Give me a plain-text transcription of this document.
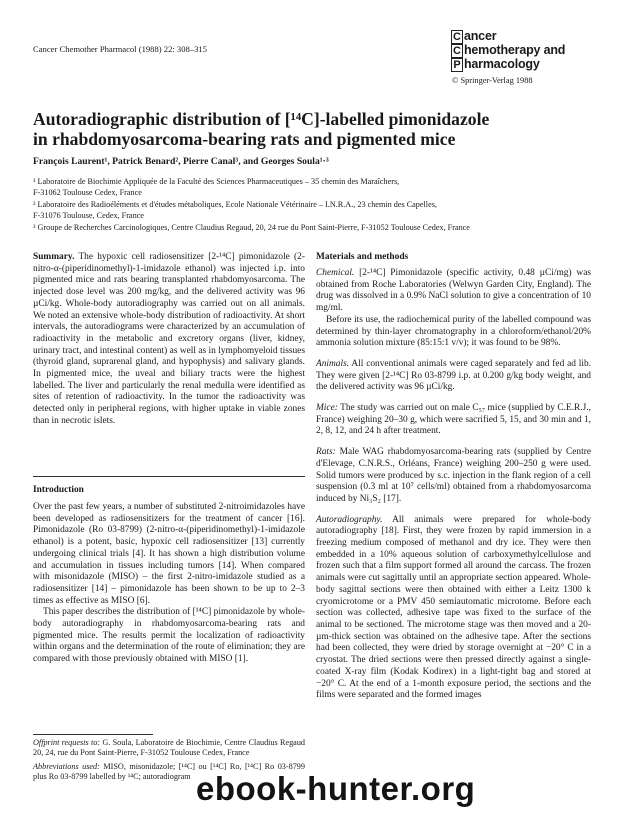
Cancer Chemother Pharmacol (1988) 22: 308–315
C ancer
C hemotherapy and
P harmacology
© Springer-Verlag 1988
Autoradiographic distribution of [¹⁴C]-labelled pimonidazole
in rhabdomyosarcoma-bearing rats and pigmented mice
François Laurent¹, Patrick Benard², Pierre Canal³, and Georges Soula¹·³
¹ Laboratoire de Biochimie Appliquée de la Faculté des Sciences Pharmaceutiques – 35 chemin des Maraîchers,
F-31062 Toulouse Cedex, France
² Laboratoire des Radioéléments et d'études métaboliques, Ecole Nationale Vétérinaire – I.N.R.A., 23 chemin des Capelles,
F-31076 Toulouse, Cedex, France
³ Groupe de Recherches Carcinologiques, Centre Claudius Regaud, 20, 24 rue du Pont Saint-Pierre, F-31052 Toulouse Cedex, France

Summary. The hypoxic cell radiosensitizer [2-¹⁴C] pimonidazole (2-nitro-α-(piperidinomethyl)-1-imidazole ethanol) was injected i.p. into pigmented mice and rats bearing transplanted rhabdomyosarcoma. The injected dose level was 200 mg/kg, and the delivered activity was 96 µCi/kg. Whole-body autoradiography was carried out on all animals. We noted an extensive whole-body distribution of radioactivity. At short intervals, the autoradiograms were characterized by an accumulation of radioactivity in the metabolic and excretory organs (liver, kidney, urinary tract, and intestinal content) as well as in lymphomyeloid tissues (thyroid gland, suprarenal gland, and hypophysis) and salivary glands. In pigmented mice, the uveal and biliary tracts were the highest labelled. The liver and particularly the renal medulla were identified as sites of retention of radioactivity. In the tumor the radioactivity was detected only in peripheral regions, with higher uptake in viable zones than in necrotic islets.

Introduction

Over the past few years, a number of substituted 2-nitroimidazoles have been developed as radiosensitizers for the treatment of cancer [16]. Pimonidazole (Ro 03-8799) (2-nitro-α-(piperidinomethyl)-1-imidazole ethanol) is a potent, basic, hypoxic cell radiosensitizer [13] currently undergoing clinical trials [4]. It has shown a high distribution volume and accumulation in tissues including tumors [14]. When compared with misonidazole (MISO) – the first 2-nitro-imidazole studied as a radiosensitizer [14] – pimonidazole has been shown to be up to 2–3 times as effective as MISO [6].

This paper describes the distribution of [¹⁴C] pimonidazole by whole-body autoradiography in rhabdomyosarcoma-bearing rats and pigmented mice. The results permit the localization of radioactivity within organs and the determination of the route of elimination; they are compared with those previously obtained with MISO [1].

Offprint requests to: G. Soula, Laboratoire de Biochimie, Centre Claudius Regaud 20, 24, rue du Pont Saint-Pierre, F-31052 Toulouse Cedex, France
Abbreviations used: MISO, misonidazole; [¹⁴C] ou [¹⁴C] Ro, [¹⁴C] Ro 03-8799 plus Ro 03-8799 labelled by ¹⁴C; autoradiogram
Materials and methods

Chemical. [2-¹⁴C] Pimonidazole (specific activity, 0.48 µCi/mg) was obtained from Roche Laboratories (Welwyn Garden City, England). The drug was dissolved in a 0.9% NaCl solution to give a concentration of 10 mg/ml.

Before its use, the radiochemical purity of the labelled compound was determined by thin-layer chromatography in a chloroform/ethanol/20% ammonia solution mixture (85:15:1 v/v); it was found to be 98%.

Animals. All conventional animals were caged separately and fed ad lib. They were given [2-¹⁴C] Ro 03-8799 i.p. at 0.200 g/kg body weight, and the delivered activity was 96 µCi/kg.

Mice: The study was carried out on male C₅₇ mice (supplied by C.E.R.J., France) weighing 20–30 g, which were sacrified 5, 15, and 30 min and 1, 2, 8, 12, and 24 h after treatment.

Rats: Male WAG rhabdomyosarcoma-bearing rats (supplied by Centre d'Elevage, C.N.R.S., Orléans, France) weighing 200–250 g were used. Solid tumors were produced by s.c. injection in the flank region of a cell suspension (0.3 ml at 10⁷ cells/ml) obtained from a rhabdomyosarcoma induced by Ni₃S₂ [17].

Autoradiography. All animals were prepared for whole-body autoradiography [18]. First, they were frozen by rapid immersion in a freezing medium composed of methanol and dry ice. They were then embedded in a 10% aqueous solution of carboxymethylcellulose and frozen such that a film support formed all around the carcass. The frozen animals were cut sagittally until an appropriate section appeared. Whole-body sagittal sections were then obtained with either a Leitz 1300 k cryomicrotome or a PMV 450 semiautomatic microtome. Before each section was collected, adhesive tape was fixed to the surface of the animal to be sectioned. The microtome stage was then moved and a 20-µm-thick section was obtained on the adhesive tape. After the sections had been collected, they were dried by storage overnight at −20° C in a cryostat. The dried sections were then pressed directly against a single-coated X-ray film (Kodak Kodirex) in a light-tight bag and stored at −20° C. At the end of a 1-month exposure period, the sections and the films were separated and the formed images

ebook-hunter.org
